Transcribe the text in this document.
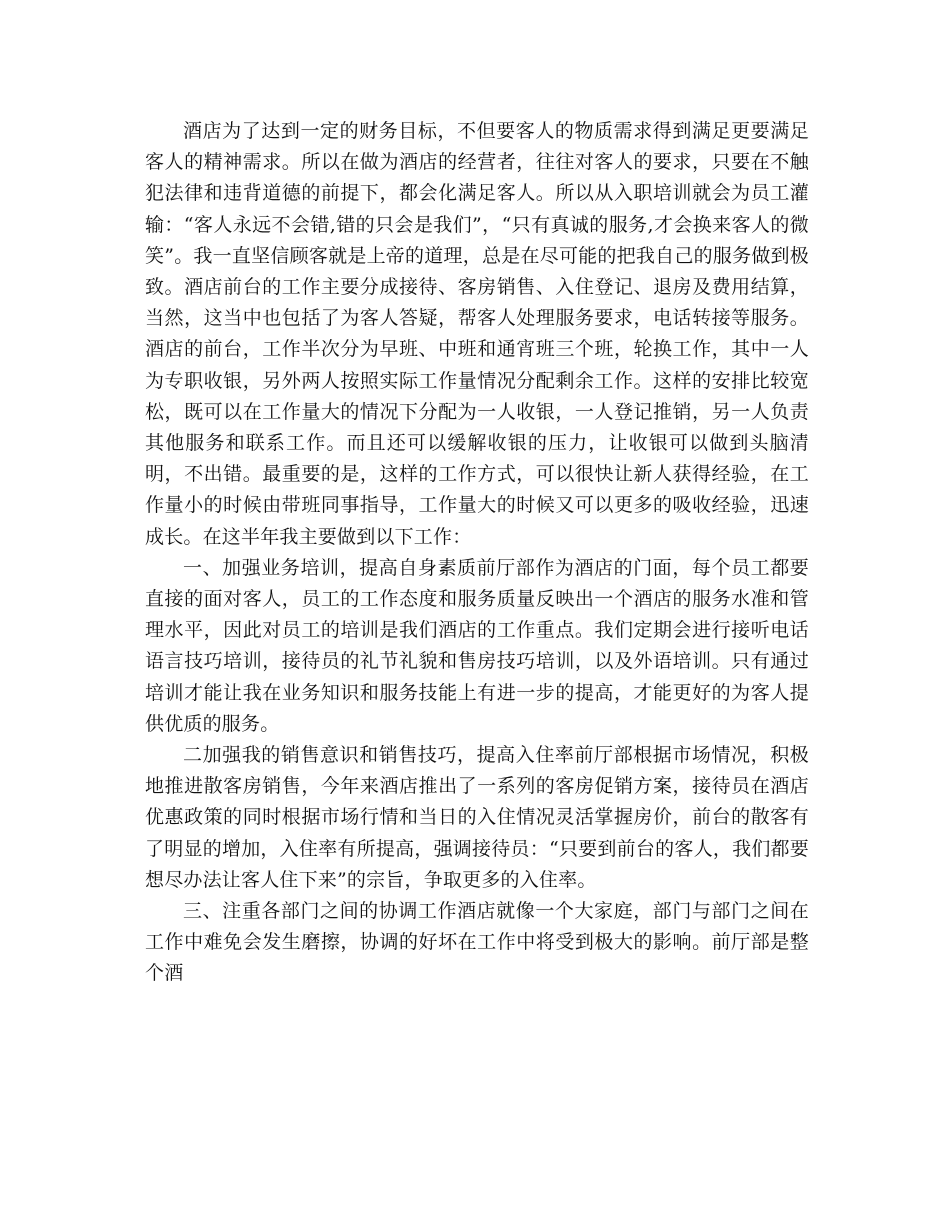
酒店为了达到一定的财务目标，不但要客人的物质需求得到满足更要满足客人的精神需求。所以在做为酒店的经营者，往往对客人的要求，只要在不触犯法律和违背道德的前提下，都会化满足客人。所以从入职培训就会为员工灌输：“客人永远不会错,错的只会是我们”，“只有真诚的服务,才会换来客人的微笑”。我一直坚信顾客就是上帝的道理，总是在尽可能的把我自己的服务做到极致。酒店前台的工作主要分成接待、客房销售、入住登记、退房及费用结算，当然，这当中也包括了为客人答疑，帮客人处理服务要求，电话转接等服务。酒店的前台，工作半次分为早班、中班和通宵班三个班，轮换工作，其中一人为专职收银，另外两人按照实际工作量情况分配剩余工作。这样的安排比较宽松，既可以在工作量大的情况下分配为一人收银，一人登记推销，另一人负责其他服务和联系工作。而且还可以缓解收银的压力，让收银可以做到头脑清明，不出错。最重要的是，这样的工作方式，可以很快让新人获得经验，在工作量小的时候由带班同事指导，工作量大的时候又可以更多的吸收经验，迅速成长。在这半年我主要做到以下工作：

一、加强业务培训，提高自身素质前厅部作为酒店的门面，每个员工都要直接的面对客人，员工的工作态度和服务质量反映出一个酒店的服务水准和管理水平，因此对员工的培训是我们酒店的工作重点。我们定期会进行接听电话语言技巧培训，接待员的礼节礼貌和售房技巧培训，以及外语培训。只有通过培训才能让我在业务知识和服务技能上有进一步的提高，才能更好的为客人提供优质的服务。

二加强我的销售意识和销售技巧，提高入住率前厅部根据市场情况，积极地推进散客房销售，今年来酒店推出了一系列的客房促销方案，接待员在酒店优惠政策的同时根据市场行情和当日的入住情况灵活掌握房价，前台的散客有了明显的增加，入住率有所提高，强调接待员：“只要到前台的客人，我们都要想尽办法让客人住下来”的宗旨，争取更多的入住率。

三、注重各部门之间的协调工作酒店就像一个大家庭，部门与部门之间在工作中难免会发生磨擦，协调的好坏在工作中将受到极大的影响。前厅部是整个酒
